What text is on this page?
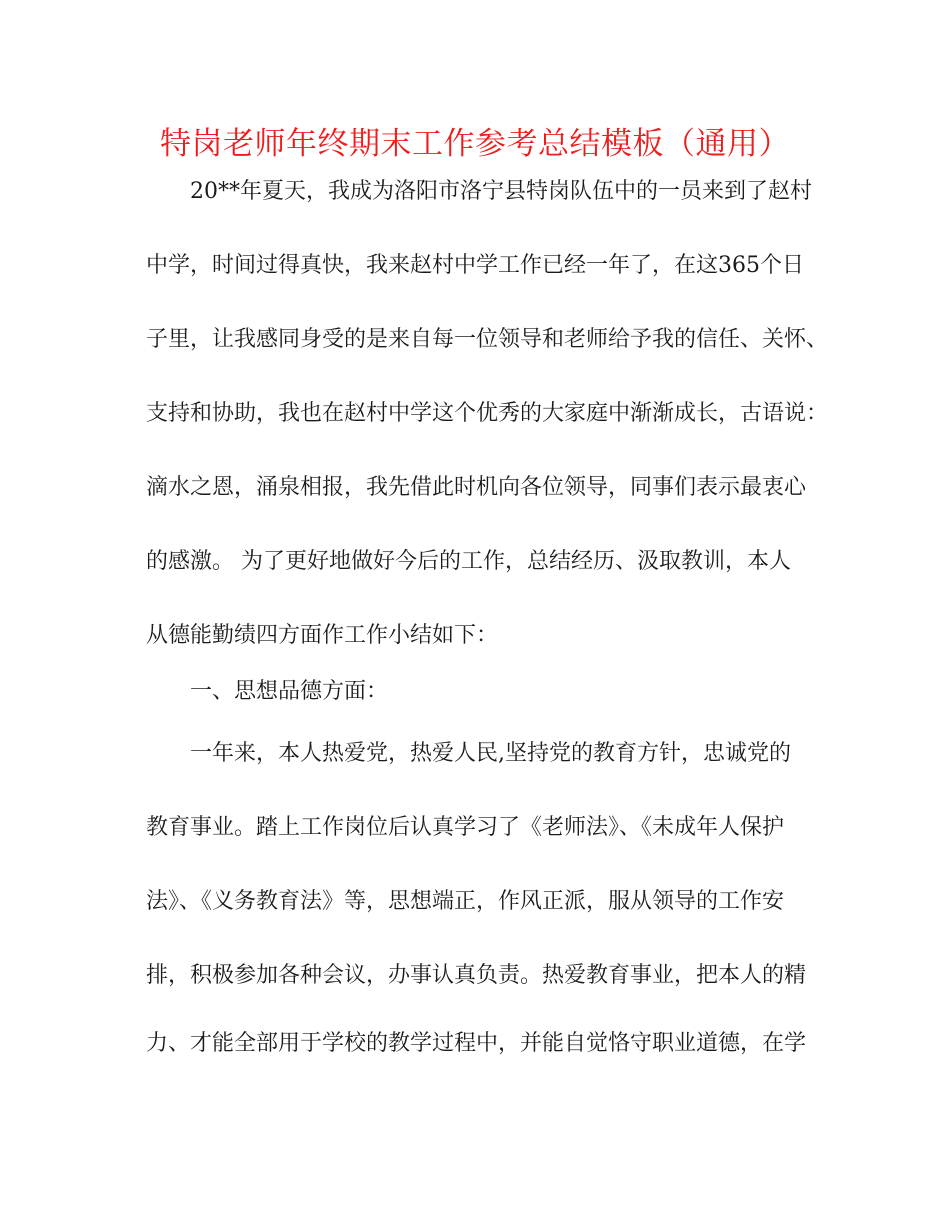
特岗老师年终期末工作参考总结模板（通用）

20**年夏天，我成为洛阳市洛宁县特岗队伍中的一员来到了赵村

中学，时间过得真快，我来赵村中学工作已经一年了，在这365个日

子里，让我感同身受的是来自每一位领导和老师给予我的信任、关怀、

支持和协助，我也在赵村中学这个优秀的大家庭中渐渐成长，古语说：

滴水之恩，涌泉相报，我先借此时机向各位领导，同事们表示最衷心

的感激。 为了更好地做好今后的工作，总结经历、汲取教训，本人

从德能勤绩四方面作工作小结如下：

一、思想品德方面：

一年来，本人热爱党，热爱人民,坚持党的教育方针，忠诚党的

教育事业。踏上工作岗位后认真学习了《老师法》、《未成年人保护

法》、《义务教育法》等，思想端正，作风正派，服从领导的工作安

排，积极参加各种会议，办事认真负责。热爱教育事业，把本人的精

力、才能全部用于学校的教学过程中，并能自觉恪守职业道德，在学
